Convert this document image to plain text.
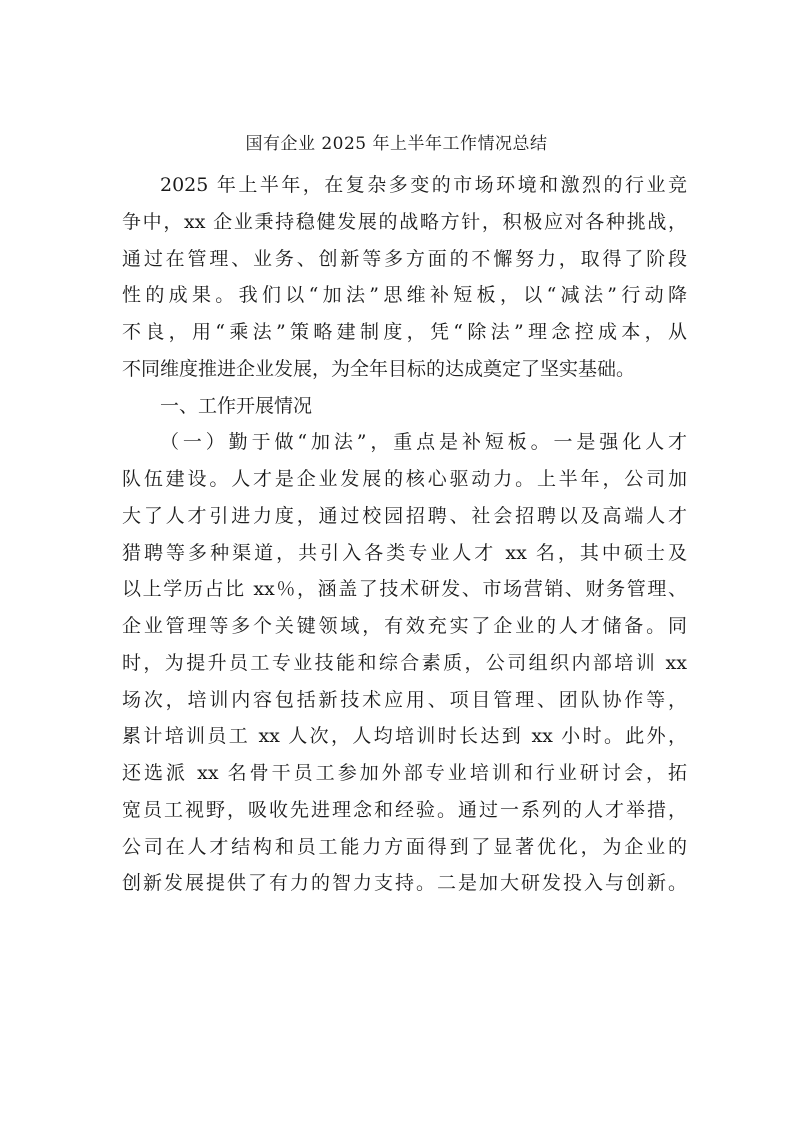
国有企业 2025 年上半年工作情况总结
2025 年上半年，在复杂多变的市场环境和激烈的行业竞
争中，xx 企业秉持稳健发展的战略方针，积极应对各种挑战，
通过在管理、业务、创新等多方面的不懈努力，取得了阶段
性的成果。我们以“加法”思维补短板，以“减法”行动降
不良，用“乘法”策略建制度，凭“除法”理念控成本，从
不同维度推进企业发展，为全年目标的达成奠定了坚实基础。
一、工作开展情况
（一）勤于做“加法”，重点是补短板。一是强化人才
队伍建设。人才是企业发展的核心驱动力。上半年，公司加
大了人才引进力度，通过校园招聘、社会招聘以及高端人才
猎聘等多种渠道，共引入各类专业人才 xx 名，其中硕士及
以上学历占比 xx％，涵盖了技术研发、市场营销、财务管理、
企业管理等多个关键领域，有效充实了企业的人才储备。同
时，为提升员工专业技能和综合素质，公司组织内部培训 xx
场次，培训内容包括新技术应用、项目管理、团队协作等，
累计培训员工 xx 人次，人均培训时长达到 xx 小时。此外，
还选派 xx 名骨干员工参加外部专业培训和行业研讨会，拓
宽员工视野，吸收先进理念和经验。通过一系列的人才举措，
公司在人才结构和员工能力方面得到了显著优化，为企业的
创新发展提供了有力的智力支持。二是加大研发投入与创新。
